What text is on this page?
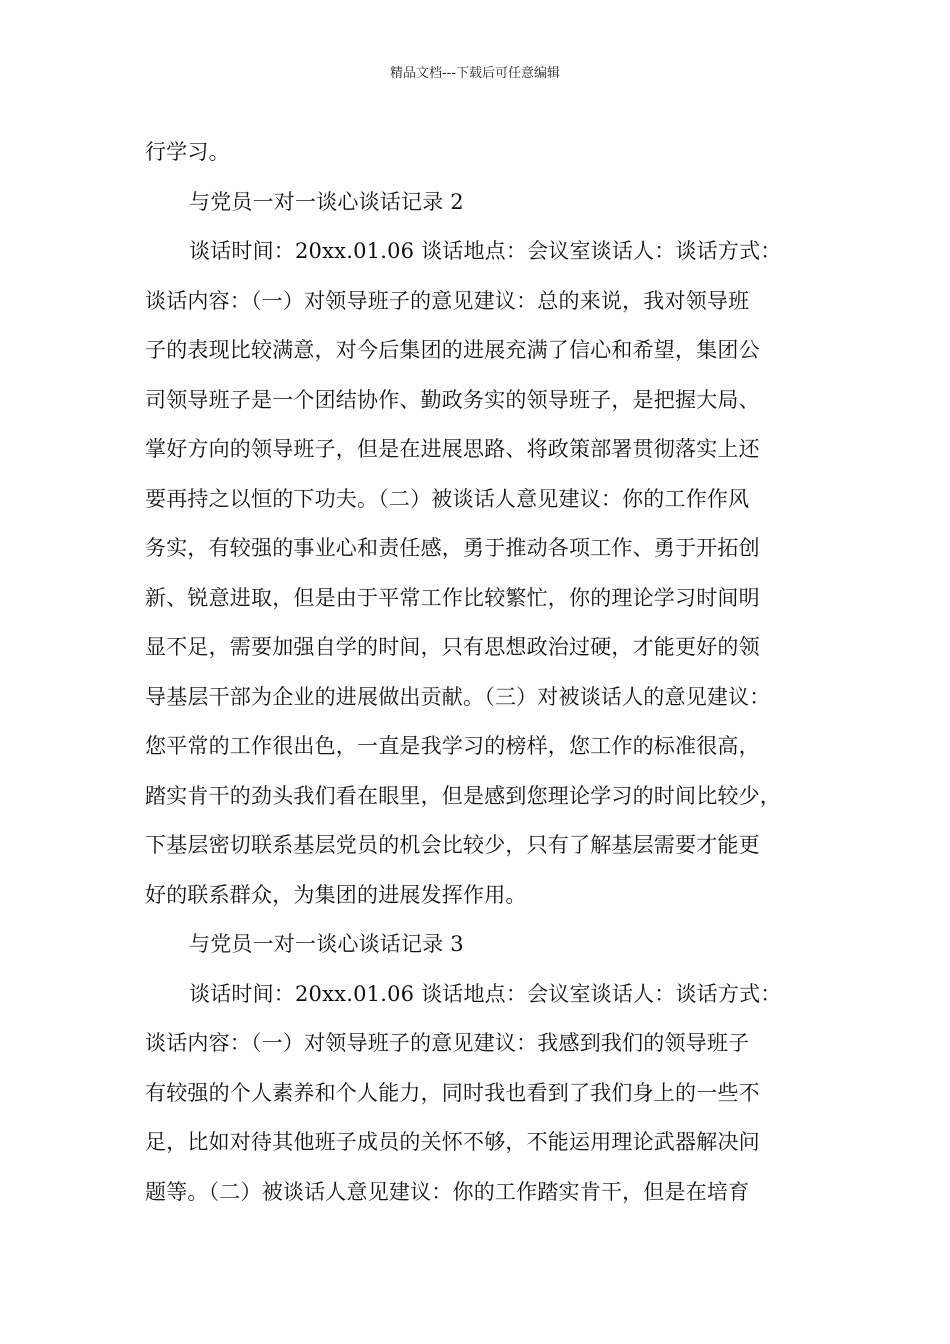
精品文档---下载后可任意编辑
行学习。
与党员一对一谈心谈话记录 2
谈话时间：20xx.01.06 谈话地点：会议室谈话人：谈话方式：
谈话内容：（一）对领导班子的意见建议：总的来说，我对领导班
子的表现比较满意，对今后集团的进展充满了信心和希望，集团公
司领导班子是一个团结协作、勤政务实的领导班子，是把握大局、
掌好方向的领导班子，但是在进展思路、将政策部署贯彻落实上还
要再持之以恒的下功夫。（二）被谈话人意见建议：你的工作作风
务实，有较强的事业心和责任感，勇于推动各项工作、勇于开拓创
新、锐意进取，但是由于平常工作比较繁忙，你的理论学习时间明
显不足，需要加强自学的时间，只有思想政治过硬，才能更好的领
导基层干部为企业的进展做出贡献。（三）对被谈话人的意见建议：
您平常的工作很出色，一直是我学习的榜样，您工作的标准很高，
踏实肯干的劲头我们看在眼里，但是感到您理论学习的时间比较少，
下基层密切联系基层党员的机会比较少，只有了解基层需要才能更
好的联系群众，为集团的进展发挥作用。
与党员一对一谈心谈话记录 3
谈话时间：20xx.01.06 谈话地点：会议室谈话人：谈话方式：
谈话内容：（一）对领导班子的意见建议：我感到我们的领导班子
有较强的个人素养和个人能力，同时我也看到了我们身上的一些不
足，比如对待其他班子成员的关怀不够，不能运用理论武器解决问
题等。（二）被谈话人意见建议：你的工作踏实肯干，但是在培育
